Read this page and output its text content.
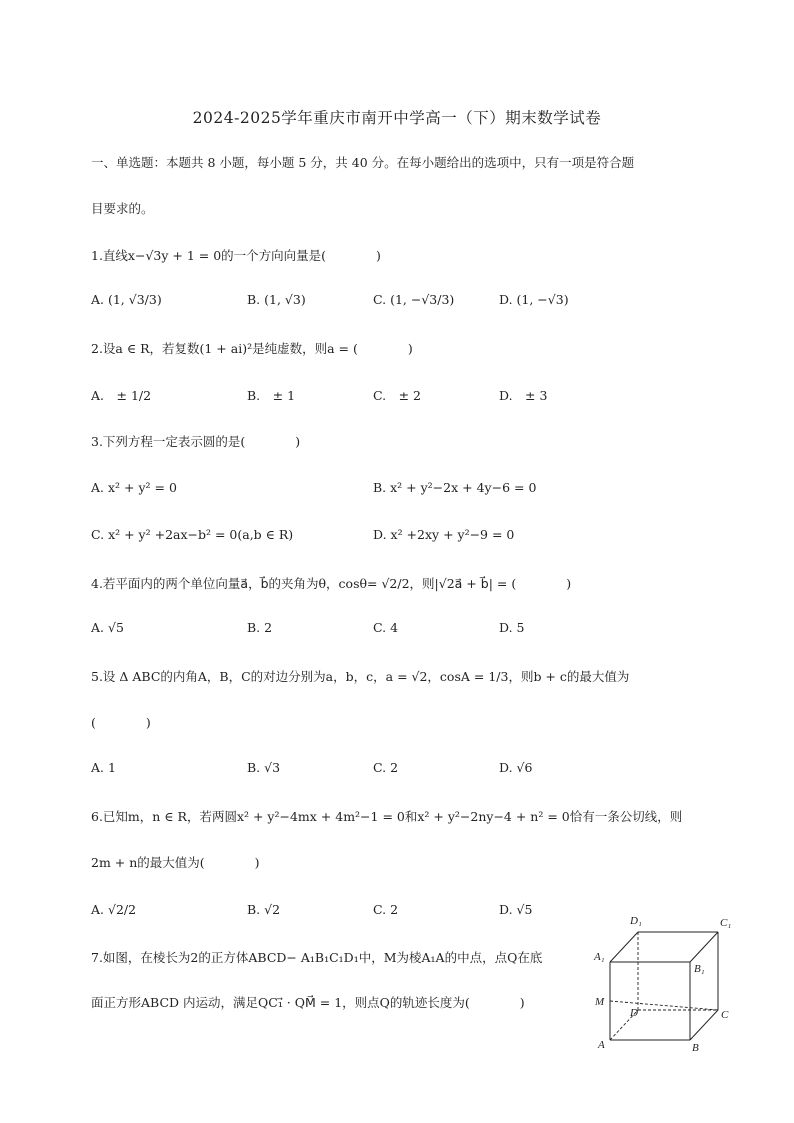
2024-2025学年重庆市南开中学高一（下）期末数学试卷
一、单选题：本题共 8 小题，每小题 5 分，共 40 分。在每小题给出的选项中，只有一项是符合题
目要求的。
1.直线x−√3y + 1 = 0的一个方向向量是(　　　　)
A. (1, √3/3)	B. (1, √3)	C. (1, −√3/3)	D. (1, −√3)
2.设a ∈ R，若复数(1 + ai)²是纯虚数，则a = (　　　　)
A.　± 1/2	B.　± 1	C.　± 2	D.　± 3
3.下列方程一定表示圆的是(　　　　)
A. x² + y² = 0	B. x² + y²−2x + 4y−6 = 0
C. x² + y² +2ax−b² = 0(a,b ∈ R)	D. x² +2xy + y²−9 = 0
4.若平面内的两个单位向量a⃗，b⃗的夹角为θ，cosθ= √2/2，则|√2a⃗ + b⃗| = (　　　　)
A. √5	B. 2	C. 4	D. 5
5.设 Δ ABC的内角A，B，C的对边分别为a，b，c，a = √2，cosA = 1/3，则b + c的最大值为
(　　　　)
A. 1	B. √3	C. 2	D. √6
6.已知m，n ∈ R，若两圆x² + y²−4mx + 4m²−1 = 0和x² + y²−2ny−4 + n² = 0恰有一条公切线，则
2m + n的最大值为(　　　　)
A. √2/2	B. √2	C. 2	D. √5
7.如图，在棱长为2的正方体ABCD− A₁B₁C₁D₁中，M为棱A₁A的中点，点Q在底
面正方形ABCD 内运动，满足QC₁⃗ · QM⃗ = 1，则点Q的轨迹长度为(　　　　)
D₁	C₁
A₁
B₁
M
D	C
A	B
